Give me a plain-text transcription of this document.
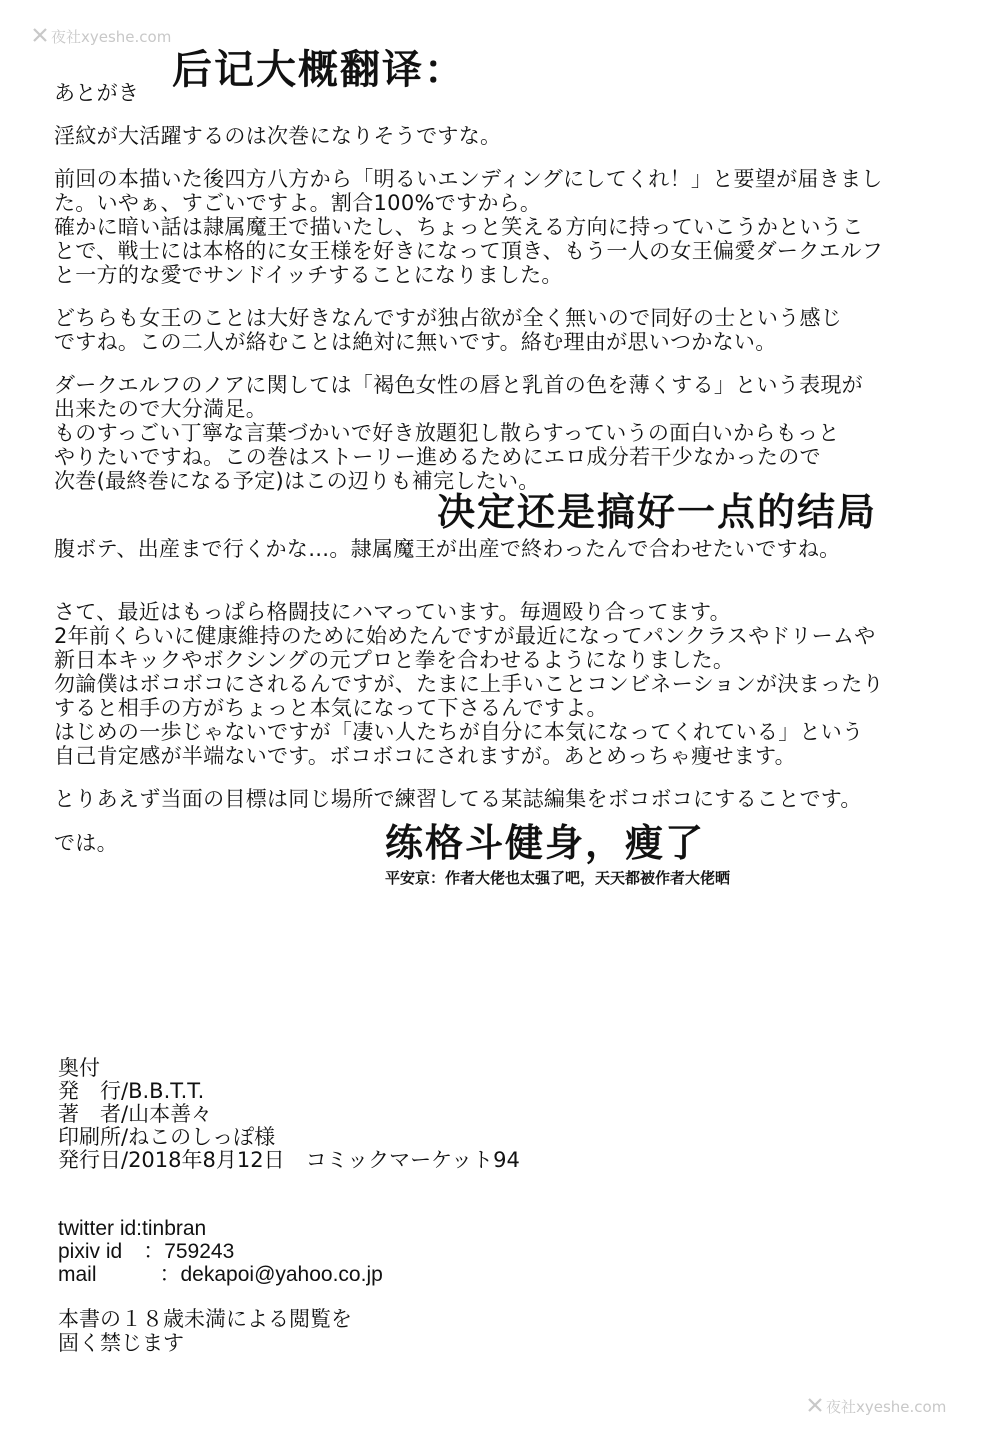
夜社xyeshe.com

夜社xyeshe.com

后记大概翻译：

あとがき

淫紋が大活躍するのは次巻になりそうですな。

前回の本描いた後四方八方から「明るいエンディングにしてくれ！」と要望が届きまし

た。いやぁ、すごいですよ。割合100%ですから。

確かに暗い話は隷属魔王で描いたし、ちょっと笑える方向に持っていこうかというこ

とで、戦士には本格的に女王様を好きになって頂き、もう一人の女王偏愛ダークエルフ

と一方的な愛でサンドイッチすることになりました。

どちらも女王のことは大好きなんですが独占欲が全く無いので同好の士という感じ

ですね。この二人が絡むことは絶対に無いです。絡む理由が思いつかない。

ダークエルフのノアに関しては「褐色女性の唇と乳首の色を薄くする」という表現が

出来たので大分満足。

ものすっごい丁寧な言葉づかいで好き放題犯し散らすっていうの面白いからもっと

やりたいですね。この巻はストーリー進めるためにエロ成分若干少なかったので

次巻(最終巻になる予定)はこの辺りも補完したい。

决定还是搞好一点的结局

腹ボテ、出産まで行くかな…。隷属魔王が出産で終わったんで合わせたいですね。

さて、最近はもっぱら格闘技にハマっています。毎週殴り合ってます。

2年前くらいに健康維持のために始めたんですが最近になってパンクラスやドリームや

新日本キックやボクシングの元プロと拳を合わせるようになりました。

勿論僕はボコボコにされるんですが、たまに上手いことコンビネーションが決まったり

すると相手の方がちょっと本気になって下さるんですよ。

はじめの一歩じゃないですが「凄い人たちが自分に本気になってくれている」という

自己肯定感が半端ないです。ボコボコにされますが。あとめっちゃ痩せます。

とりあえず当面の目標は同じ場所で練習してる某誌編集をボコボコにすることです。

では。	练格斗健身，瘦了

平安京：作者大佬也太强了吧，天天都被作者大佬晒

奥付

発　行/B.B.T.T.

著　者/山本善々

印刷所/ねこのしっぽ様

発行日/2018年8月12日　コミックマーケット94

twitter id:tinbran

pixiv id　：759243

mail　　　：dekapoi@yahoo.co.jp

本書の１８歳未満による閲覧を

固く禁じます
